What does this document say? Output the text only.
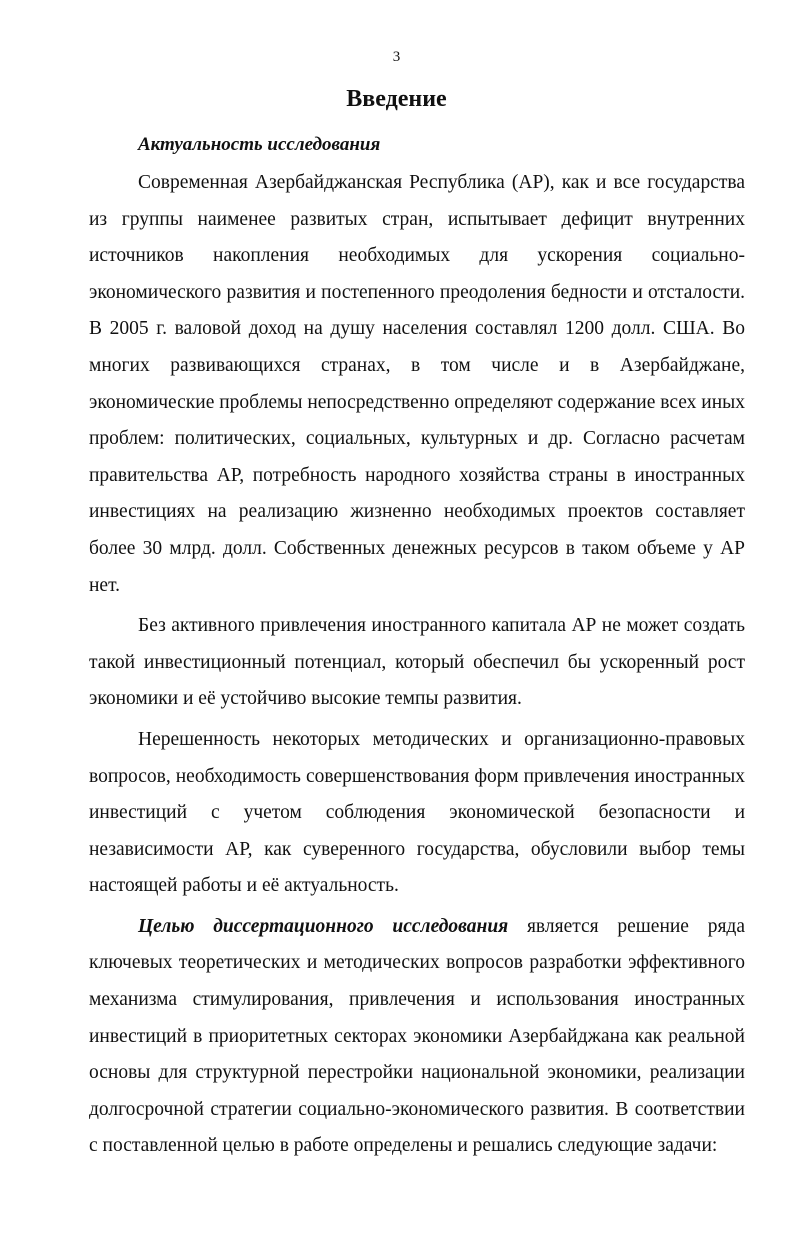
3
Введение
Актуальность исследования

Современная Азербайджанская Республика (АР), как и все государства из группы наименее развитых стран, испытывает дефицит внутренних источников накопления необходимых для ускорения социально-экономического развития и постепенного преодоления бедности и отсталости. В 2005 г. валовой доход на душу населения составлял 1200 долл. США. Во многих развивающихся странах, в том числе и в Азербайджане, экономические проблемы непосредственно определяют содержание всех иных проблем: политических, социальных, культурных и др. Согласно расчетам правительства АР, потребность народного хозяйства страны в иностранных инвестициях на реализацию жизненно необходимых проектов составляет более 30 млрд. долл. Собственных денежных ресурсов в таком объеме у АР нет.

Без активного привлечения иностранного капитала АР не может создать такой инвестиционный потенциал, который обеспечил бы ускоренный рост экономики и её устойчиво высокие темпы развития.

Нерешенность некоторых методических и организационно-правовых вопросов, необходимость совершенствования форм привлечения иностранных инвестиций с учетом соблюдения экономической безопасности и независимости АР, как суверенного государства, обусловили выбор темы настоящей работы и её актуальность.

Целью диссертационного исследования является решение ряда ключевых теоретических и методических вопросов разработки эффективного механизма стимулирования, привлечения и использования иностранных инвестиций в приоритетных секторах экономики Азербайджана как реальной основы для структурной перестройки национальной экономики, реализации долгосрочной стратегии социально-экономического развития. В соответствии с поставленной целью в работе определены и решались следующие задачи:
